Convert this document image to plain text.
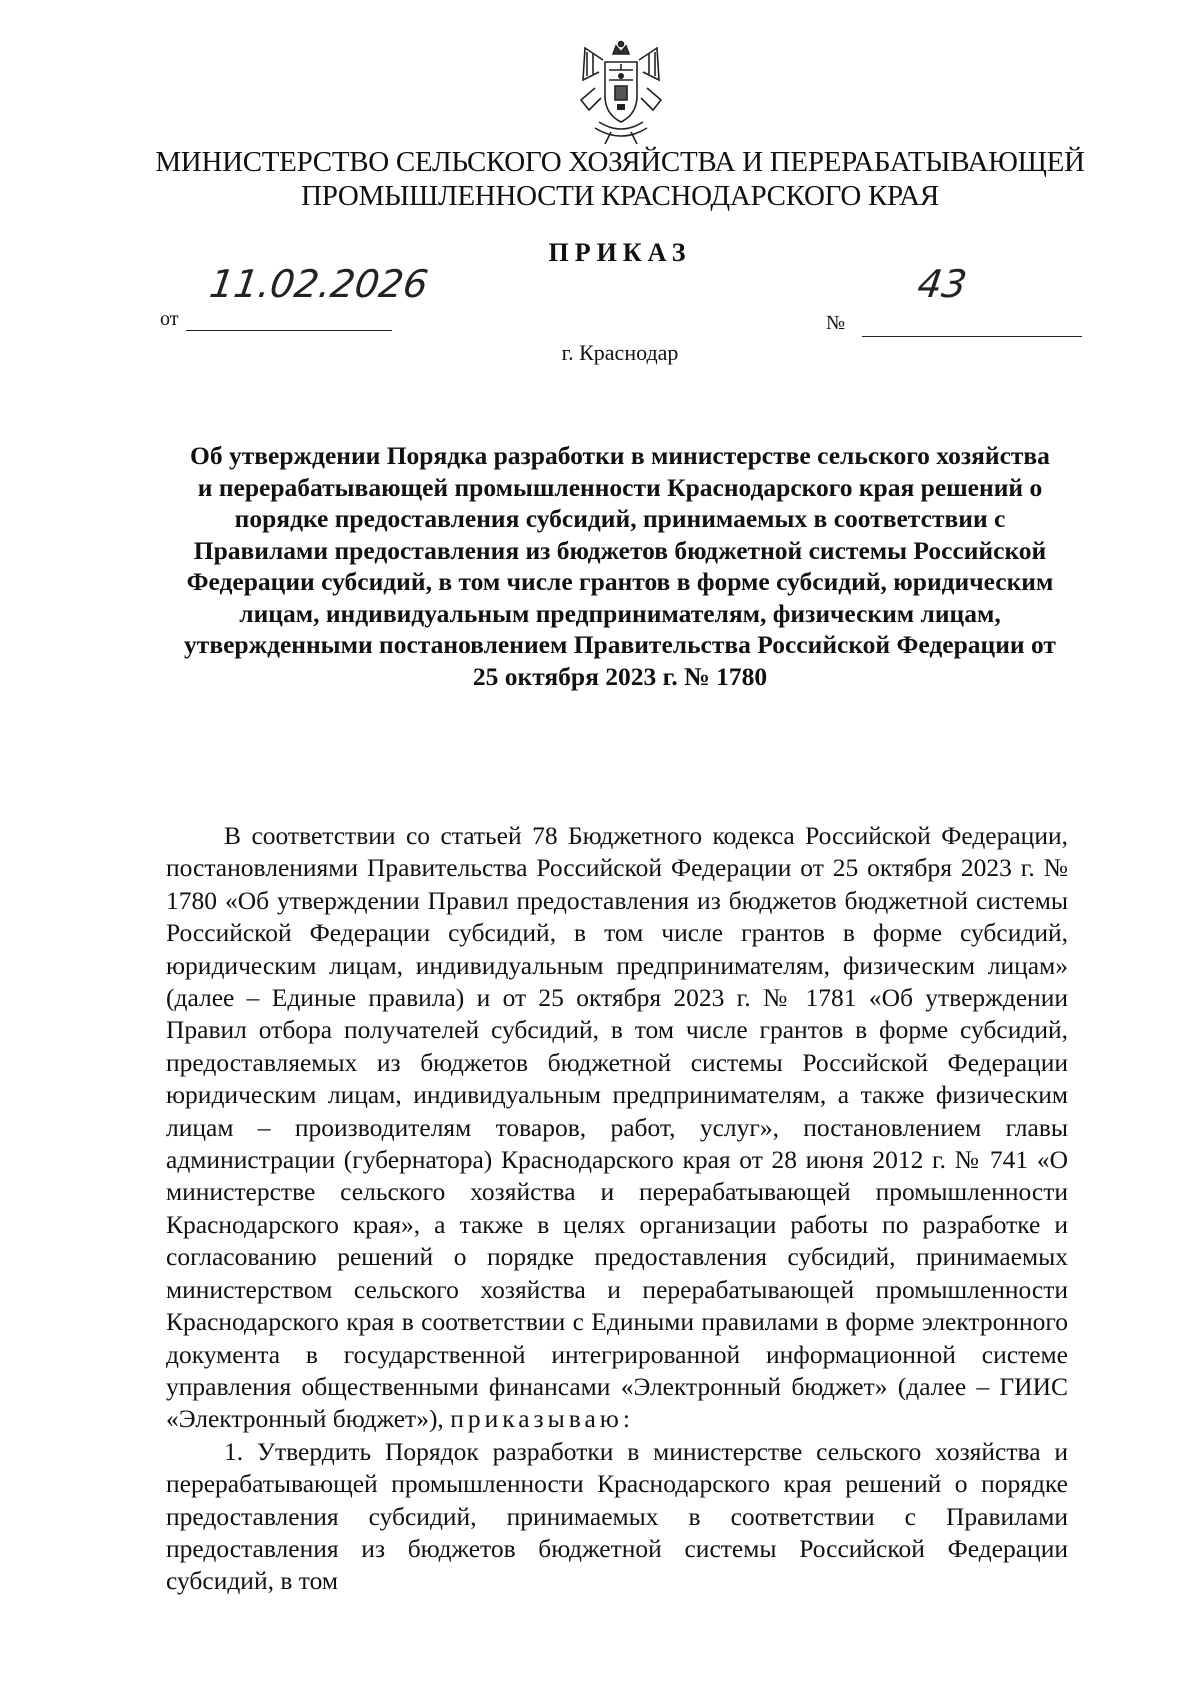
МИНИСТЕРСТВО СЕЛЬСКОГО ХОЗЯЙСТВА И ПЕРЕРАБАТЫВАЮЩЕЙ ПРОМЫШЛЕННОСТИ КРАСНОДАРСКОГО КРАЯ
ПРИКАЗ
от
11.02.2026
№
43
г. Краснодар
Об утверждении Порядка разработки в министерстве сельского хозяйства и перерабатывающей промышленности Краснодарского края решений о порядке предоставления субсидий, принимаемых в соответствии с Правилами предоставления из бюджетов бюджетной системы Российской Федерации субсидий, в том числе грантов в форме субсидий, юридическим лицам, индивидуальным предпринимателям, физическим лицам, утвержденными постановлением Правительства Российской Федерации от 25 октября 2023 г. № 1780

В соответствии со статьей 78 Бюджетного кодекса Российской Федерации, постановлениями Правительства Российской Федерации от 25 октября 2023 г. № 1780 «Об утверждении Правил предоставления из бюджетов бюджетной системы Российской Федерации субсидий, в том числе грантов в форме субсидий, юридическим лицам, индивидуальным предпринимателям, физическим лицам» (далее – Единые правила) и от 25 октября 2023 г. № 1781 «Об утверждении Правил отбора получателей субсидий, в том числе грантов в форме субсидий, предоставляемых из бюджетов бюджетной системы Российской Федерации юридическим лицам, индивидуальным предпринимателям, а также физическим лицам – производителям товаров, работ, услуг», постановлением главы администрации (губернатора) Краснодарского края от 28 июня 2012 г. № 741 «О министерстве сельского хозяйства и перерабатывающей промышленности Краснодарского края», а также в целях организации работы по разработке и согласованию решений о порядке предоставления субсидий, принимаемых министерством сельского хозяйства и перерабатывающей промышленности Краснодарского края в соответствии с Едиными правилами в форме электронного документа в государственной интегрированной информационной системе управления общественными финансами «Электронный бюджет» (далее – ГИИС «Электронный бюджет»), приказываю:

1. Утвердить Порядок разработки в министерстве сельского хозяйства и перерабатывающей промышленности Краснодарского края решений о порядке предоставления субсидий, принимаемых в соответствии с Правилами предоставления из бюджетов бюджетной системы Российской Федерации субсидий, в том
